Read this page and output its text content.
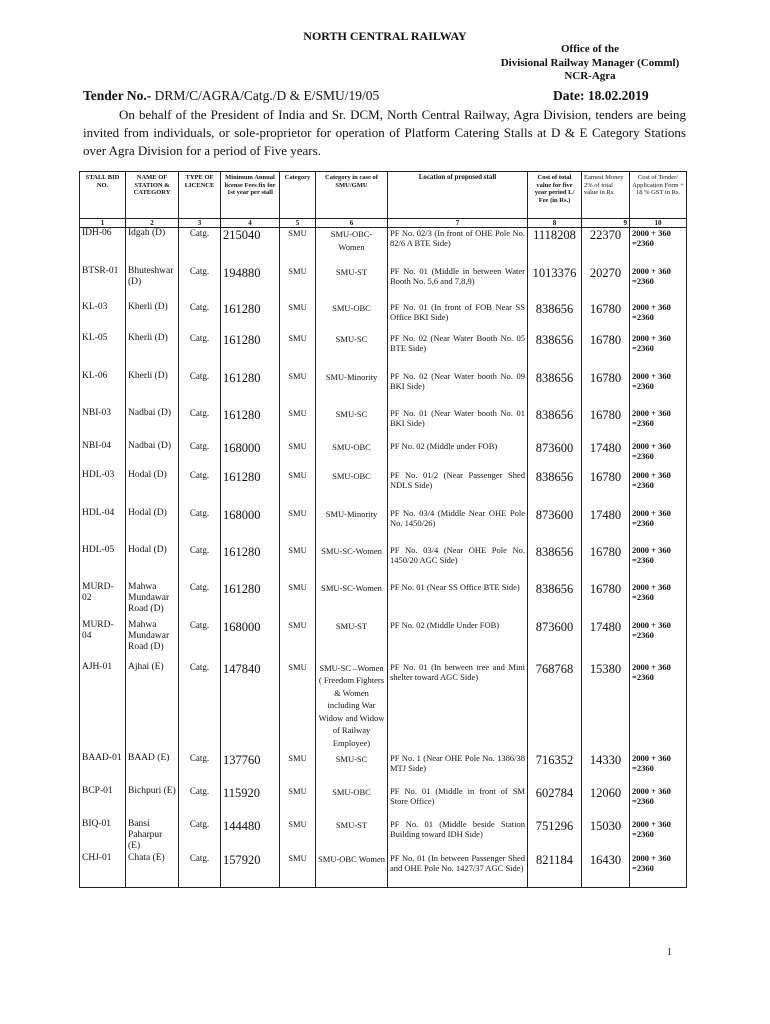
NORTH CENTRAL RAILWAY
Office of the
Divisional Railway Manager (Comml)
NCR-Agra
Tender No.- DRM/C/AGRA/Catg./D & E/SMU/19/05	Date: 18.02.2019
On behalf of the President of India and Sr. DCM, North Central Railway, Agra Division, tenders are being invited from individuals, or sole-proprietor for operation of Platform Catering Stalls at D & E Category Stations over Agra Division for a period of Five years.
STALL BID NO.	NAME OF STATION & CATEGORY	TYPE OF LICENCE	Minimum Annual license Fees fix for 1st year per stall	Category	Category in case of SMU/GMU	Location of proposed stall	Cost of total value for five year period L/ Fee (in Rs.)	Earnest Money 2% of total value in Rs.	Cost of Tender/ Application Form + 18 % GST in Rs.
1	2	3	4	5	6	7	8	9	10
IDH-06	Idgah (D)	Catg.	215040	SMU	SMU-OBC-Women	PF No. 02/3 (In front of OHE Pole No. 82/6 A BTE Side)	1118208	22370	2000 + 360
=2360

BTSR-01	Bhuteshwar (D)	Catg.	194880	SMU	SMU-ST	PF No. 01 (Middle in between Water Booth No. 5,6 and 7,8,9)	1013376	20270	2000 + 360
=2360

KL-03	Kherli (D)	Catg.	161280	SMU	SMU-OBC	PF No. 01 (In front of FOB Near SS Office BKI Side)	838656	16780	2000 + 360
=2360

KL-05	Kherli (D)	Catg.	161280	SMU	SMU-SC	PF No. 02 (Near Water Booth No. 05 BTE Side)	838656	16780	2000 + 360
=2360

KL-06	Kherli (D)	Catg.	161280	SMU	SMU-Minority	PF No. 02 (Near Water booth No. 09 BKI Side)	838656	16780	2000 + 360
=2360

NBI-03	Nadbai (D)	Catg.	161280	SMU	SMU-SC	PF No. 01 (Near Water booth No. 01 BKI Side)	838656	16780	2000 + 360
=2360

NBI-04	Nadbai (D)	Catg.	168000	SMU	SMU-OBC	PF No. 02 (Middle under FOB)	873600	17480	2000 + 360
=2360

HDL-03	Hodal (D)	Catg.	161280	SMU	SMU-OBC	PF No. 01/2 (Near Passenger Shed NDLS Side)	838656	16780	2000 + 360
=2360

HDL-04	Hodal (D)	Catg.	168000	SMU	SMU-Minority	PF No. 03/4 (Middle Near OHE Pole No. 1450/26)	873600	17480	2000 + 360
=2360

HDL-05	Hodal (D)	Catg.	161280	SMU	SMU-SC-Women	PF No. 03/4 (Near OHE Pole No. 1450/20 AGC Side)	838656	16780	2000 + 360
=2360

MURD-02	Mahwa Mundawar Road (D)	Catg.	161280	SMU	SMU-SC-Women	PF No. 01 (Near SS Office BTE Side)	838656	16780	2000 + 360
=2360

MURD-04	Mahwa Mundawar Road (D)	Catg.	168000	SMU	SMU-ST	PF No. 02 (Middle Under FOB)	873600	17480	2000 + 360
=2360

AJH-01	Ajhai (E)	Catg.	147840	SMU	SMU-SC –Women ( Freedom Fighters & Women including War Widow and Widow of Railway Employee)	PF No. 01 (In between tree and Mini shelter toward AGC Side)	768768	15380	2000 + 360
=2360

BAAD-01	BAAD (E)	Catg.	137760	SMU	SMU-SC	PF No. 1 (Near OHE Pole No. 1386/38 MTJ Side)	716352	14330	2000 + 360
=2360

BCP-01	Bichpuri (E)	Catg.	115920	SMU	SMU-OBC	PF No. 01 (Middle in front of SM Store Office)	602784	12060	2000 + 360
=2360

BIQ-01	Bansi Paharpur (E)	Catg.	144480	SMU	SMU-ST	PF No. 01 (Middle beside Station Building toward IDH Side)	751296	15030	2000 + 360
=2360

CHJ-01	Chata (E)	Catg.	157920	SMU	SMU-OBC Women	PF No. 01 (In between Passenger Shed and OHE Pole No. 1427/37 AGC Side)	821184	16430	2000 + 360
=2360
1
